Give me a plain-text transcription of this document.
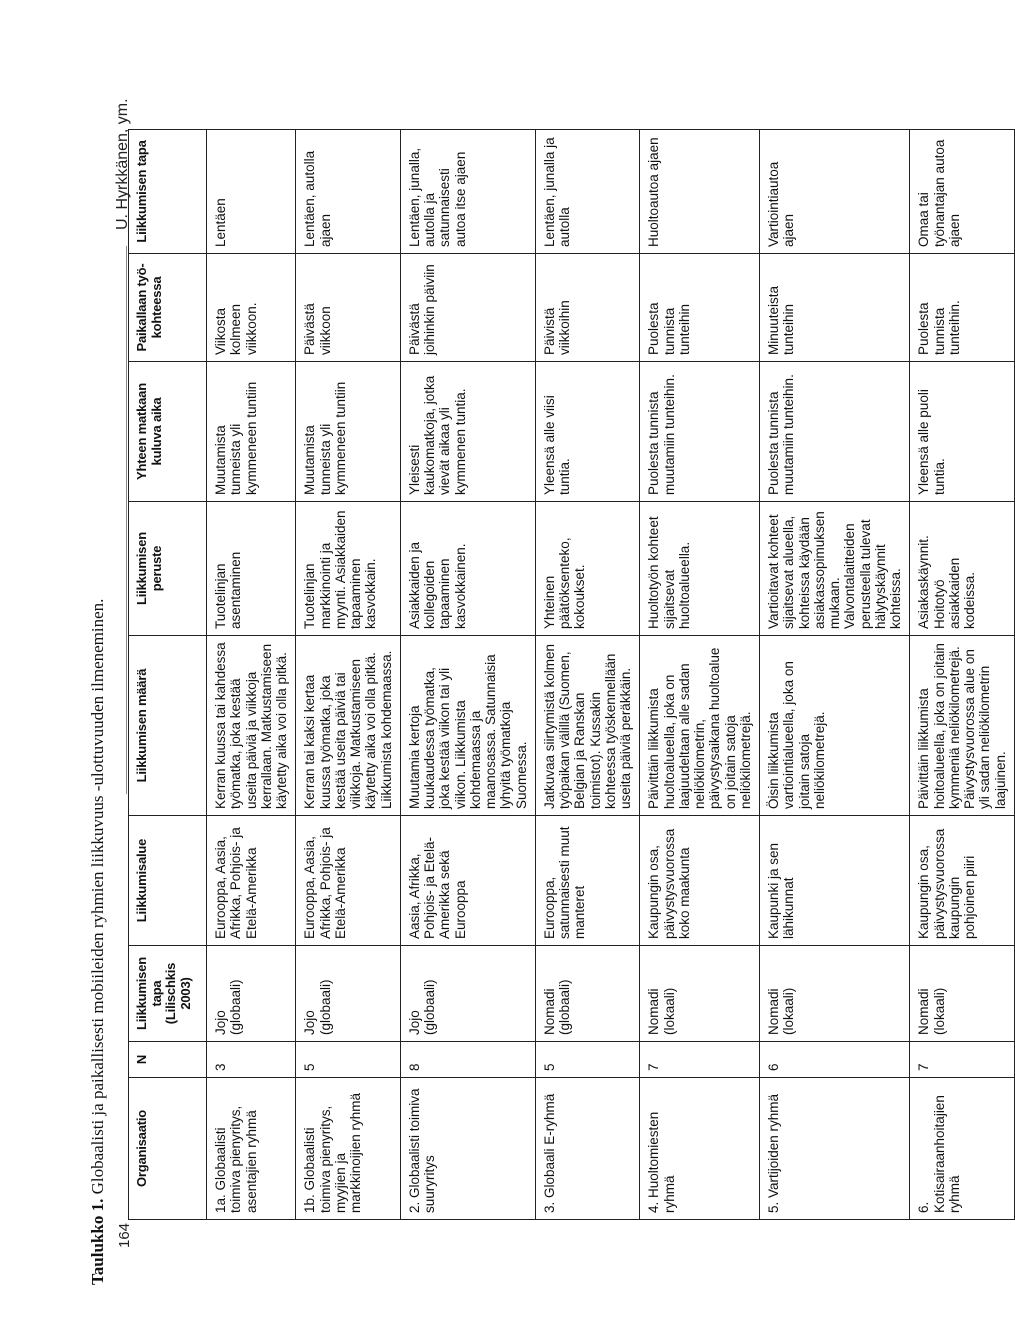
164
U. Hyrkkänen, ym.
Taulukko 1. Globaalisti ja paikallisesti mobiileiden ryhmien liikkuvuus -ulottuvuuden ilmeneminen.	Organisaatio	N	Liikkumisen tapa (Lilischkis 2003)	Liikkumisalue	Liikkumisen määrä	Liikkumisen peruste	Yhteen matkaan kuluva aika	Paikallaan työ-kohteessa	Liikkumisen tapa
1a. Globaalisti toimiva pienyritys, asentajien ryhmä	3	Jojo (globaali)	Eurooppa, Aasia, Afrikka, Pohjois- ja Etelä-Amerikka	Kerran kuussa tai kahdessa työmatka, joka kestää useita päiviä ja viikkoja kerrallaan. Matkustamiseen käytetty aika voi olla pitkä.	Tuotelinjan asentaminen	Muutamista tunneista yli kymmeneen tuntiin	Viikosta kolmeen viikkoon.	Lentäen
1b. Globaalisti toimiva pienyritys, myyjien ja markkinoijien ryhmä	5	Jojo (globaali)	Eurooppa, Aasia, Afrikka, Pohjois- ja Etelä-Amerikka	Kerran tai kaksi kertaa kuussa työmatka, joka kestää useita päiviä tai viikkoja. Matkustamiseen käytetty aika voi olla pitkä. Liikkumista kohdemaassa.	Tuotelinjan markkinointi ja myynti. Asiakkaiden tapaaminen kasvokkain.	Muutamista tunneista yli kymmeneen tuntiin	Päivästä viikkoon	Lentäen, autolla ajaen
2. Globaalisti toimiva suuryritys	8	Jojo (globaali)	Aasia, Afrikka, Pohjois- ja Etelä-Amerikka sekä Eurooppa	Muutamia kertoja kuukaudessa työmatka, joka kestää viikon tai yli viikon. Liikkumista kohdemaassa ja maanosassa. Satunnaisia lyhyitä työmatkoja Suomessa.	Asiakkaiden ja kollegoiden tapaaminen kasvokkainen.	Yleisesti kaukomatkoja, jotka vievät aikaa yli kymmenen tuntia.	Päivästä joihinkin päiviin	Lentäen, junalla, autolla ja satunnaisesti autoa itse ajaen
3. Globaali E-ryhmä	5	Nomadi (globaali)	Eurooppa, satunnaisesti muut manteret	Jatkuvaa siirtymistä kolmen työpaikan välillä (Suomen, Belgian ja Ranskan toimistot). Kussakin kohteessa työskennellään useita päiviä peräkkäin.	Yhteinen päätöksenteko, kokoukset.	Yleensä alle viisi tuntia.	Päivistä viikkoihin	Lentäen, junalla ja autolla
4. Huoltomiesten ryhmä	7	Nomadi (lokaali)	Kaupungin osa, päivystysvuorossa koko maakunta	Päivittäin liikkumista huoltoalueella, joka on laajuudeltaan alle sadan neliökilometrin, päivystysaikana huoltoalue on joitain satoja neliökilometrejä.	Huoltotyön kohteet sijaitsevat huoltoalueella.	Puolesta tunnista muutamiin tunteihin.	Puolesta tunnista tunteihin	Huoltoautoa ajaen
5. Vartijoiden ryhmä	6	Nomadi (lokaali)	Kaupunki ja sen lähikunnat	Öisin liikkumista vartiointialueella, joka on joitain satoja neliökilometrejä.	Vartioitavat kohteet sijaitsevat alueella, kohteissa käydään asiakassopimuksen mukaan. Valvontalaitteiden perusteella tulevat hälytyskäynnit kohteissa.	Puolesta tunnista muutamiin tunteihin.	Minuuteista tunteihin	Vartiointiautoa ajaen
6. Kotisairaanhoitajien ryhmä	7	Nomadi (lokaali)	Kaupungin osa, päivystysvuorossa kaupungin pohjoinen piiri	Päivittäin liikkumista hoitoalueella, joka on joitain kymmeniä neliökilometrejä. Päivystysvuorossa alue on yli sadan neliökilometrin laajuinen.	Asiakaskäynnit. Hoitotyö asiakkaiden kodeissa.	Yleensä alle puoli tuntia.	Puolesta tunnista tunteihin.	Omaa tai työnantajan autoa ajaen
